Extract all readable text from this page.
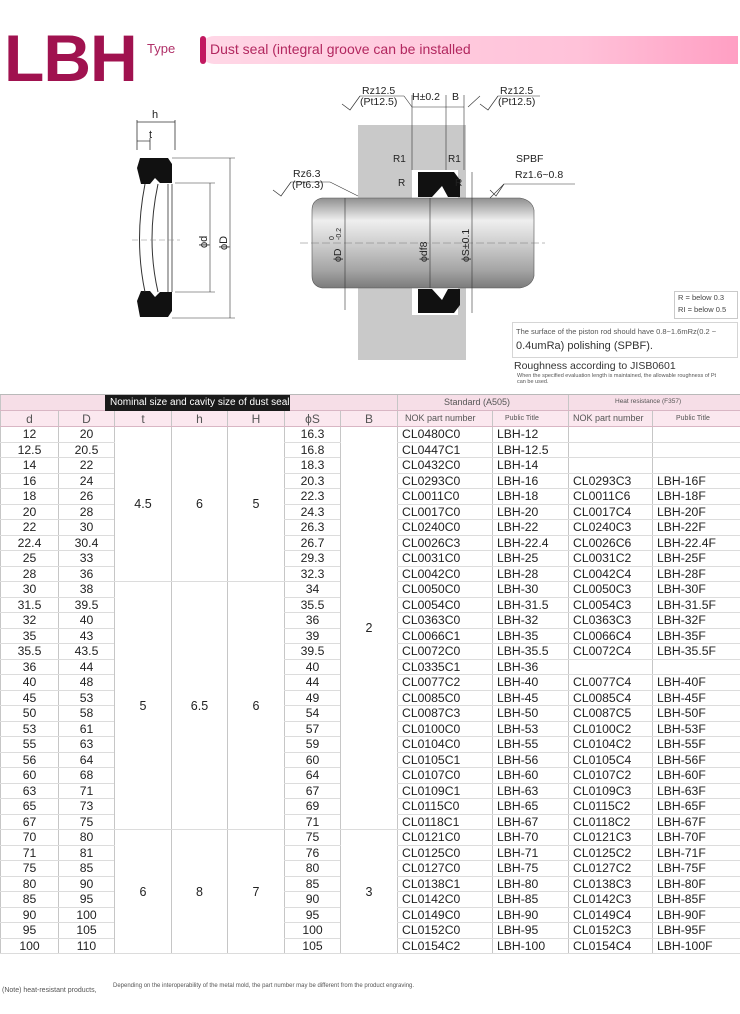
LBH Type Dust seal (integral groove can be installed
h
t
ϕd ϕD
Rz12.5
(Pt12.5) H±0.2 B	Rz12.5
(Pt12.5)
R1	R1
R	R
SPBF
Rz1.6~0.8
Rz6.3
(Pt6.3)
ϕD
0 -0.2
ϕdf8	ϕS±0.1
R = below 0.3
RI = below 0.5
The surface of the piston rod should have 0.8~1.6mRz(0.2 ~
0.4umRa) polishing (SPBF).
Roughness according to JISB0601
When the specified evaluation length is maintained, the allowable roughness of Pt can be used.

d	D	t	h	H	ϕS	B				
12	20	4.5	6	5	16.3	2	CL0480C0	LBH-12		
12.5	20.5				16.8		CL0447C1	LBH-12.5		
14	22				18.3		CL0432C0	LBH-14		
16	24				20.3		CL0293C0	LBH-16	CL0293C3	LBH-16F
18	26				22.3		CL0011C0	LBH-18	CL0011C6	LBH-18F
20	28				24.3		CL0017C0	LBH-20	CL0017C4	LBH-20F
22	30				26.3		CL0240C0	LBH-22	CL0240C3	LBH-22F
22.4	30.4				26.7		CL0026C3	LBH-22.4	CL0026C6	LBH-22.4F
25	33				29.3		CL0031C0	LBH-25	CL0031C2	LBH-25F
28	36				32.3		CL0042C0	LBH-28	CL0042C4	LBH-28F
30	38	5	6.5	6	34		CL0050C0	LBH-30	CL0050C3	LBH-30F
31.5	39.5				35.5		CL0054C0	LBH-31.5	CL0054C3	LBH-31.5F
32	40				36		CL0363C0	LBH-32	CL0363C3	LBH-32F
35	43				39		CL0066C1	LBH-35	CL0066C4	LBH-35F
35.5	43.5				39.5		CL0072C0	LBH-35.5	CL0072C4	LBH-35.5F
36	44				40		CL0335C1	LBH-36		
40	48				44		CL0077C2	LBH-40	CL0077C4	LBH-40F
45	53				49		CL0085C0	LBH-45	CL0085C4	LBH-45F
50	58				54		CL0087C3	LBH-50	CL0087C5	LBH-50F
53	61				57		CL0100C0	LBH-53	CL0100C2	LBH-53F
55	63				59		CL0104C0	LBH-55	CL0104C2	LBH-55F
56	64				60		CL0105C1	LBH-56	CL0105C4	LBH-56F
60	68				64		CL0107C0	LBH-60	CL0107C2	LBH-60F
63	71				67		CL0109C1	LBH-63	CL0109C3	LBH-63F
65	73				69		CL0115C0	LBH-65	CL0115C2	LBH-65F
67	75				71		CL0118C1	LBH-67	CL0118C2	LBH-67F
70	80	6	8	7	75	3	CL0121C0	LBH-70	CL0121C3	LBH-70F
71	81				76		CL0125C0	LBH-71	CL0125C2	LBH-71F
75	85				80		CL0127C0	LBH-75	CL0127C2	LBH-75F
80	90				85		CL0138C1	LBH-80	CL0138C3	LBH-80F
85	95				90		CL0142C0	LBH-85	CL0142C3	LBH-85F
90	100				95		CL0149C0	LBH-90	CL0149C4	LBH-90F
95	105				100		CL0152C0	LBH-95	CL0152C3	LBH-95F
100	110				105		CL0154C2	LBH-100	CL0154C4	LBH-100F
Nominal size and cavity size of dust seal	Standard (A505)	Heat resistance (F357)
NOK part number	Public Title	NOK part number	Public Title
(Note) heat-resistant products,
Depending on the interoperability of the metal mold, the part number may be different from the product engraving.
